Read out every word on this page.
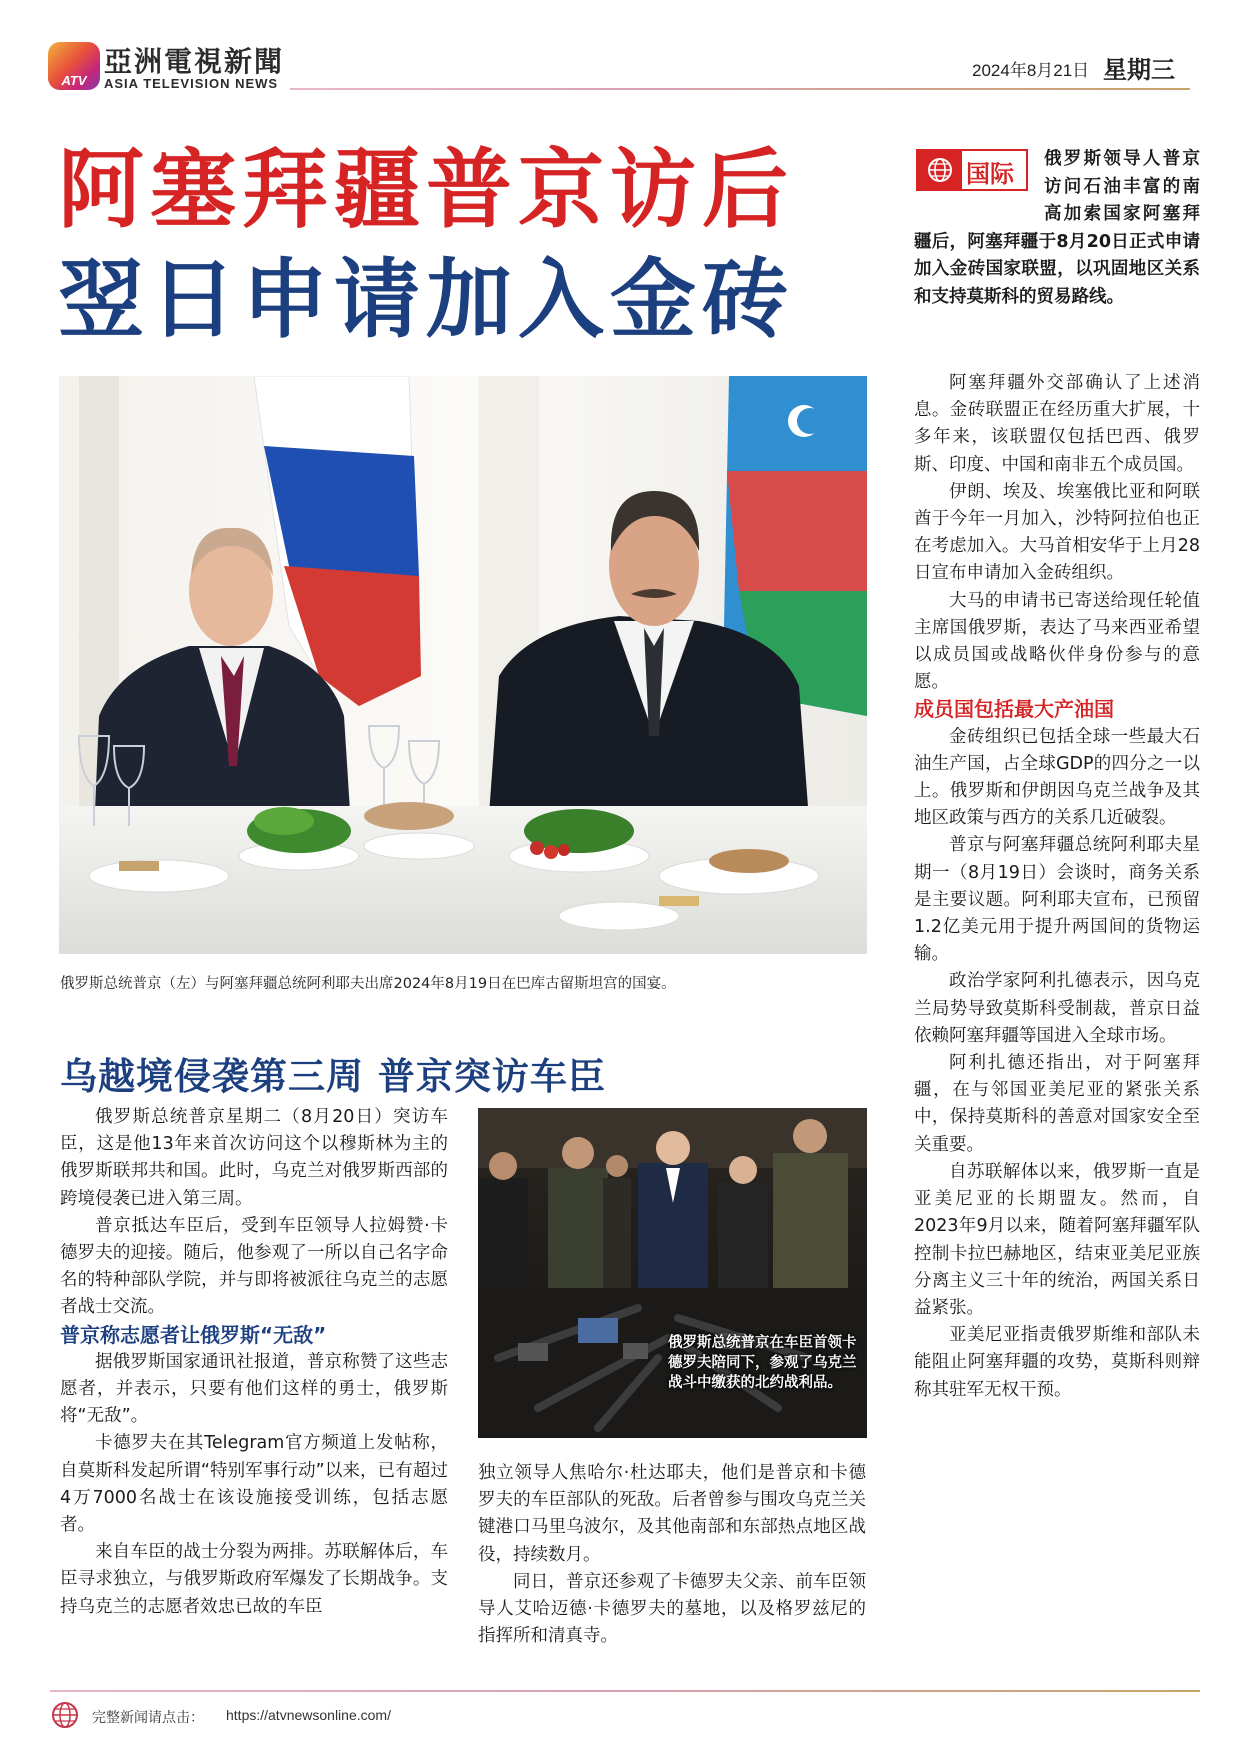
ATV
亞洲電視新聞
ASIA TELEVISION NEWS
2024年8月21日 星期三
阿塞拜疆普京访后
翌日申请加入金砖
俄罗斯总统普京（左）与阿塞拜疆总统阿利耶夫出席2024年8月19日在巴库古留斯坦宫的国宴。
国际
俄罗斯领导人普京访问石油丰富的南高加索国家阿塞拜疆后，阿塞拜疆于8月20日正式申请加入金砖国家联盟，以巩固地区关系和支持莫斯科的贸易路线。

阿塞拜疆外交部确认了上述消息。金砖联盟正在经历重大扩展，十多年来，该联盟仅包括巴西、俄罗斯、印度、中国和南非五个成员国。

伊朗、埃及、埃塞俄比亚和阿联酋于今年一月加入，沙特阿拉伯也正在考虑加入。大马首相安华于上月28日宣布申请加入金砖组织。

大马的申请书已寄送给现任轮值主席国俄罗斯，表达了马来西亚希望以成员国或战略伙伴身份参与的意愿。

成员国包括最大产油国

金砖组织已包括全球一些最大石油生产国，占全球GDP的四分之一以上。俄罗斯和伊朗因乌克兰战争及其地区政策与西方的关系几近破裂。

普京与阿塞拜疆总统阿利耶夫星期一（8月19日）会谈时，商务关系是主要议题。阿利耶夫宣布，已预留1.2亿美元用于提升两国间的货物运输。

政治学家阿利扎德表示，因乌克兰局势导致莫斯科受制裁，普京日益依赖阿塞拜疆等国进入全球市场。

阿利扎德还指出，对于阿塞拜疆，在与邻国亚美尼亚的紧张关系中，保持莫斯科的善意对国家安全至关重要。

自苏联解体以来，俄罗斯一直是亚美尼亚的长期盟友。然而，自2023年9月以来，随着阿塞拜疆军队控制卡拉巴赫地区，结束亚美尼亚族分离主义三十年的统治，两国关系日益紧张。

亚美尼亚指责俄罗斯维和部队未能阻止阿塞拜疆的攻势，莫斯科则辩称其驻军无权干预。

乌越境侵袭第三周 普京突访车臣

俄罗斯总统普京星期二（8月20日）突访车臣，这是他13年来首次访问这个以穆斯林为主的俄罗斯联邦共和国。此时，乌克兰对俄罗斯西部的跨境侵袭已进入第三周。

普京抵达车臣后，受到车臣领导人拉姆赞·卡德罗夫的迎接。随后，他参观了一所以自己名字命名的特种部队学院，并与即将被派往乌克兰的志愿者战士交流。

普京称志愿者让俄罗斯“无敌”

据俄罗斯国家通讯社报道，普京称赞了这些志愿者，并表示，只要有他们这样的勇士，俄罗斯将“无敌”。

卡德罗夫在其Telegram官方频道上发帖称，自莫斯科发起所谓“特别军事行动”以来，已有超过4万7000名战士在该设施接受训练，包括志愿者。

来自车臣的战士分裂为两排。苏联解体后，车臣寻求独立，与俄罗斯政府军爆发了长期战争。支持乌克兰的志愿者效忠已故的车臣

俄罗斯总统普京在车臣首领卡德罗夫陪同下，参观了乌克兰战斗中缴获的北约战利品。

独立领导人焦哈尔·杜达耶夫，他们是普京和卡德罗夫的车臣部队的死敌。后者曾参与围攻乌克兰关键港口马里乌波尔，及其他南部和东部热点地区战役，持续数月。

同日，普京还参观了卡德罗夫父亲、前车臣领导人艾哈迈德·卡德罗夫的墓地，以及格罗兹尼的指挥所和清真寺。

完整新闻请点击： https://atvnewsonline.com/
